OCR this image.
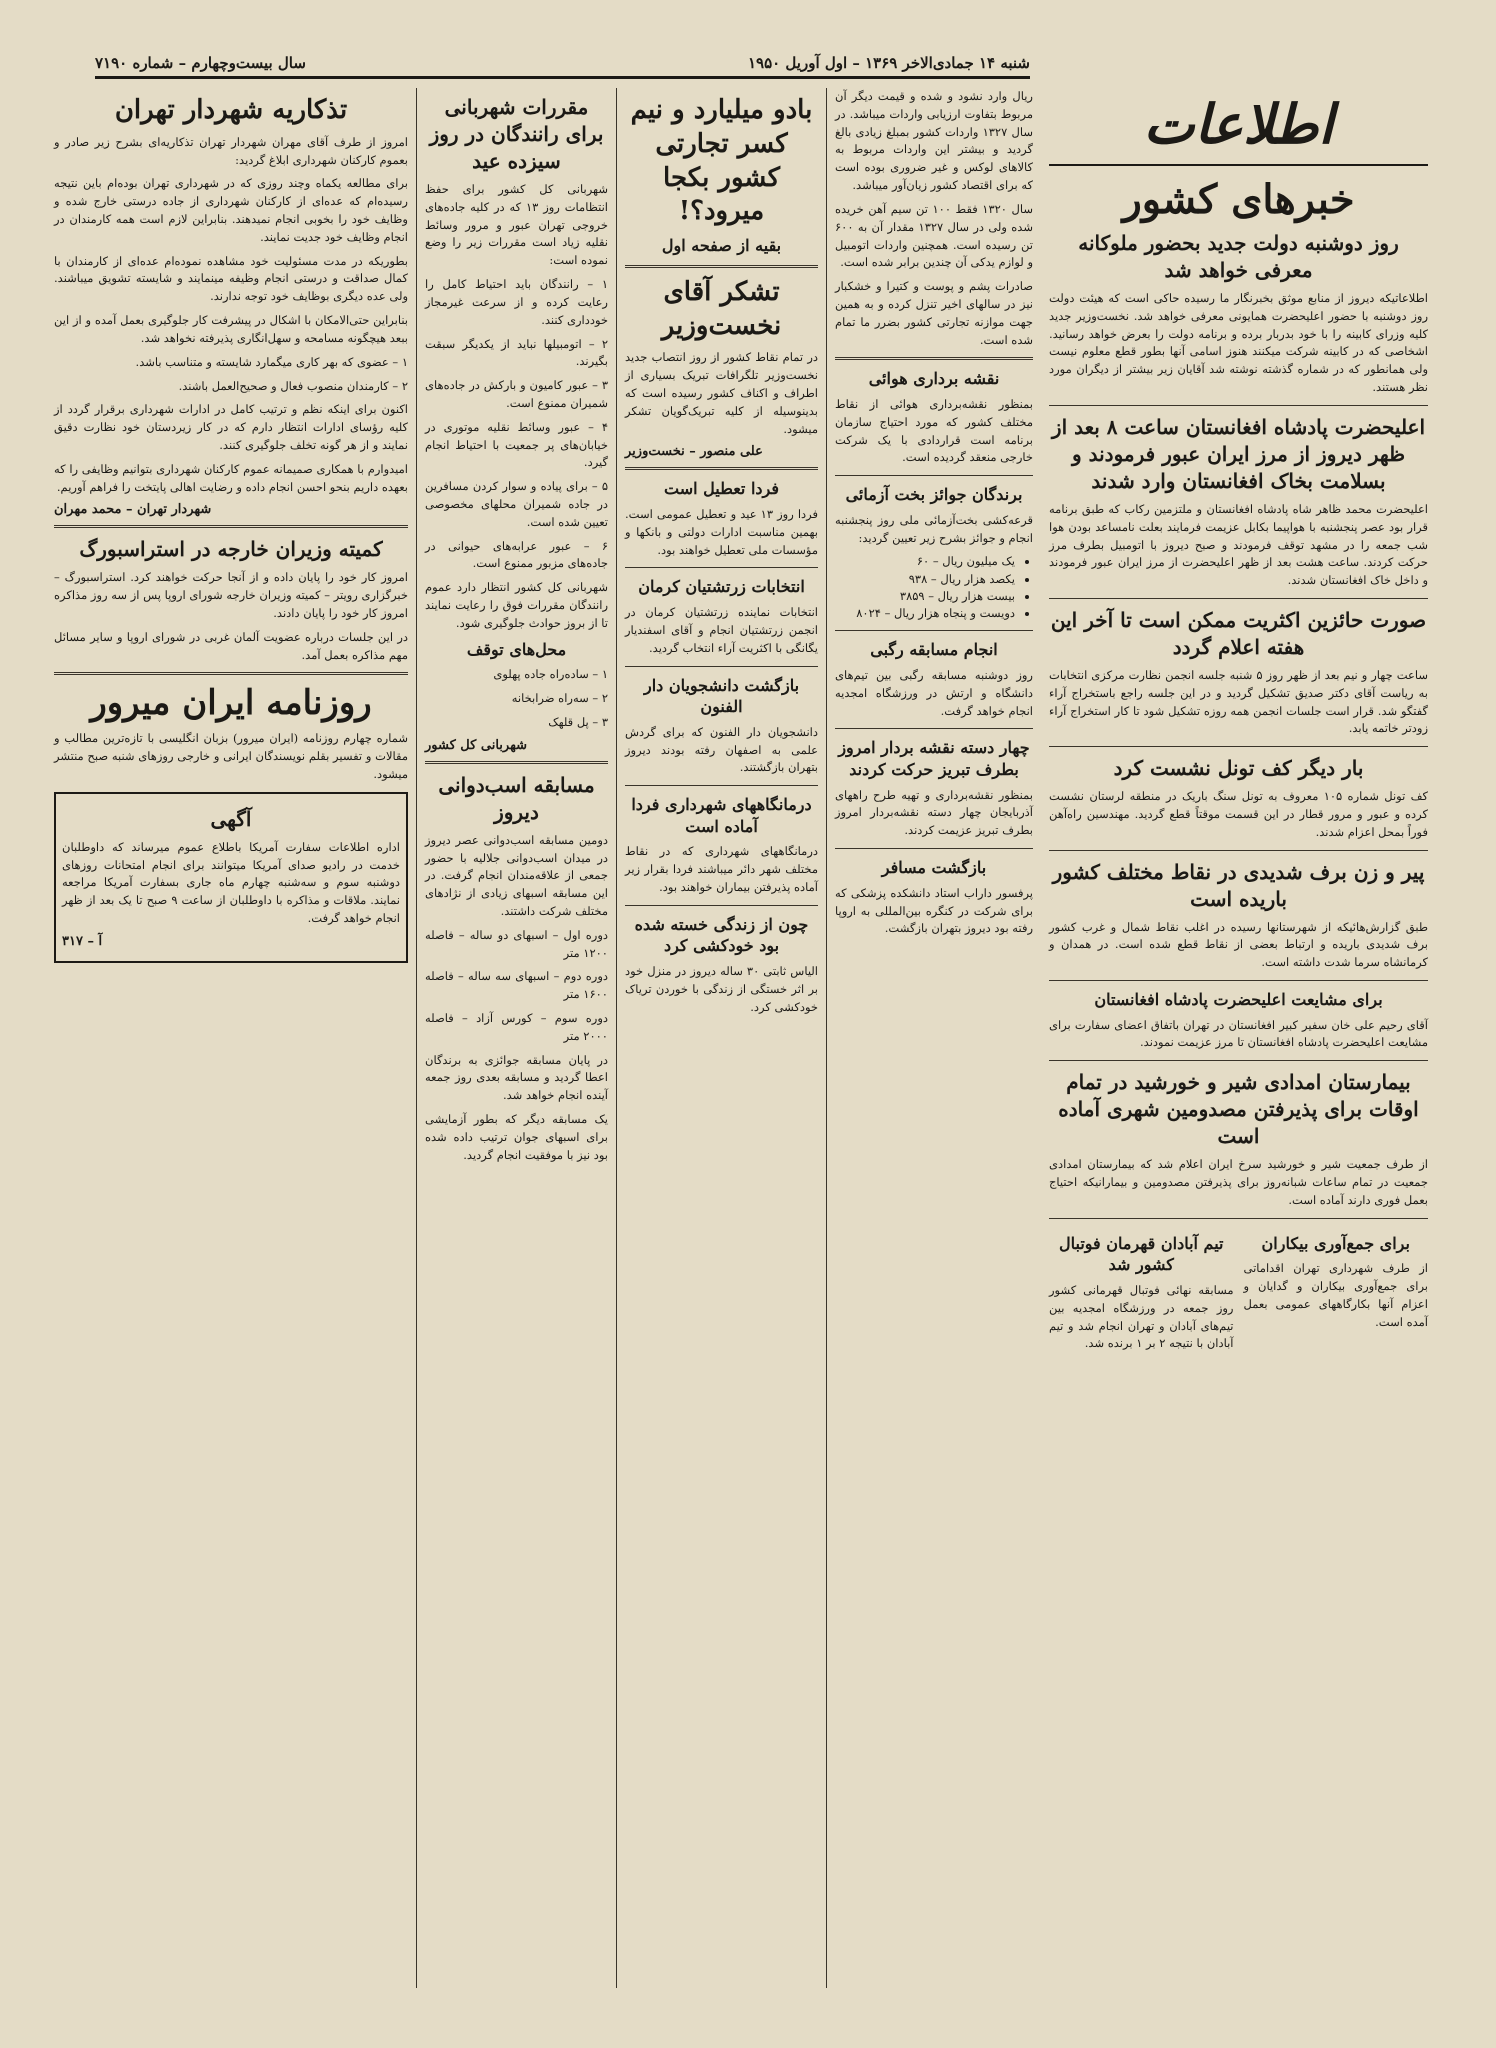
شنبه ۱۴ جمادی‌الاخر ۱۳۶۹ – اول آوریل ۱۹۵۰
سال بیست‌و‌چهارم – شماره ۷۱۹۰
اطلاعات
خبرهای کشور
روز دوشنبه دولت جدید بحضور ملوکانه معرفی خواهد شد

اطلاعاتیکه دیروز از منابع موثق بخبرنگار ما رسیده حاکی است که هیئت دولت روز دوشنبه با حضور اعلیحضرت همایونی معرفی خواهد شد. نخست‌وزیر جدید کلیه وزرای کابینه را با خود بدربار برده و برنامه دولت را بعرض خواهد رسانید. اشخاصی که در کابینه شرکت میکنند هنوز اسامی آنها بطور قطع معلوم نیست ولی همانطور که در شماره گذشته نوشته شد آقایان زیر بیشتر از دیگران مورد نظر هستند.

اعلیحضرت پادشاه افغانستان ساعت ۸ بعد از ظهر دیروز از مرز ایران عبور فرمودند و بسلامت بخاک افغانستان وارد شدند

اعلیحضرت محمد ظاهر شاه پادشاه افغانستان و ملتزمین رکاب که طبق برنامه قرار بود عصر پنجشنبه با هواپیما بکابل عزیمت فرمایند بعلت نامساعد بودن هوا شب جمعه را در مشهد توقف فرمودند و صبح دیروز با اتومبیل بطرف مرز حرکت کردند. ساعت هشت بعد از ظهر اعلیحضرت از مرز ایران عبور فرمودند و داخل خاک افغانستان شدند.

صورت حائزین اکثریت ممکن است تا آخر این هفته اعلام گردد

ساعت چهار و نیم بعد از ظهر روز ۵ شنبه جلسه انجمن نظارت مرکزی انتخابات به ریاست آقای دکتر صدیق تشکیل گردید و در این جلسه راجع باستخراج آراء گفتگو شد. قرار است جلسات انجمن همه روزه تشکیل شود تا کار استخراج آراء زودتر خاتمه یابد.

بار دیگر کف تونل نشست کرد

کف تونل شماره ۱۰۵ معروف به تونل سنگ باریک در منطقه لرستان نشست کرده و عبور و مرور قطار در این قسمت موقتاً قطع گردید. مهندسین راه‌آهن فوراً بمحل اعزام شدند.

پیر و زن برف شدیدی در نقاط مختلف کشور باریده است

طبق گزارش‌هائیکه از شهرستانها رسیده در اغلب نقاط شمال و غرب کشور برف شدیدی باریده و ارتباط بعضی از نقاط قطع شده است. در همدان و کرمانشاه سرما شدت داشته است.

برای مشایعت اعلیحضرت پادشاه افغانستان

آقای رحیم علی خان سفیر کبیر افغانستان در تهران باتفاق اعضای سفارت برای مشایعت اعلیحضرت پادشاه افغانستان تا مرز عزیمت نمودند.

بیمارستان امدادی شیر و خورشید در تمام اوقات برای پذیرفتن مصدومین شهری آماده است

از طرف جمعیت شیر و خورشید سرخ ایران اعلام شد که بیمارستان امدادی جمعیت در تمام ساعات شبانه‌روز برای پذیرفتن مصدومین و بیمارانیکه احتیاج بعمل فوری دارند آماده است.

برای جمع‌آوری بیکاران

از طرف شهرداری تهران اقداماتی برای جمع‌آوری بیکاران و گدایان و اعزام آنها بکارگاههای عمومی بعمل آمده است.

تیم آبادان قهرمان فوتبال کشور شد

مسابقه نهائی فوتبال قهرمانی کشور روز جمعه در ورزشگاه امجدیه بین تیم‌های آبادان و تهران انجام شد و تیم آبادان با نتیجه ۲ بر ۱ برنده شد.

ریال وارد نشود و شده و قیمت دیگر آن مربوط بتفاوت ارزیابی واردات میباشد. در سال ۱۳۲۷ واردات کشور بمبلغ زیادی بالغ گردید و بیشتر این واردات مربوط به کالاهای لوکس و غیر ضروری بوده است که برای اقتصاد کشور زیان‌آور میباشد.

سال ۱۳۲۰ فقط ۱۰۰ تن سیم آهن خریده شده ولی در سال ۱۳۲۷ مقدار آن به ۶۰۰ تن رسیده است. همچنین واردات اتومبیل و لوازم یدکی آن چندین برابر شده است.

صادرات پشم و پوست و کتیرا و خشکبار نیز در سالهای اخیر تنزل کرده و به همین جهت موازنه تجارتی کشور بضرر ما تمام شده است.

نقشه برداری هوائی

بمنظور نقشه‌برداری هوائی از نقاط مختلف کشور که مورد احتیاج سازمان برنامه است قراردادی با یک شرکت خارجی منعقد گردیده است.

برندگان جوائز بخت آزمائی

قرعه‌کشی بخت‌آزمائی ملی روز پنجشنبه انجام و جوائز بشرح زیر تعیین گردید:

• یک میلیون ریال – ۶۰
• یکصد هزار ریال – ۹۳۸
• بیست هزار ریال – ۳۸۵۹
• دویست و پنجاه هزار ریال – ۸۰۲۴
انجام مسابقه رگبی

روز دوشنبه مسابقه رگبی بین تیم‌های دانشگاه و ارتش در ورزشگاه امجدیه انجام خواهد گرفت.

چهار دسته نقشه بردار امروز بطرف تبریز حرکت کردند

بمنظور نقشه‌برداری و تهیه طرح راههای آذربایجان چهار دسته نقشه‌بردار امروز بطرف تبریز عزیمت کردند.

بازگشت مسافر

پرفسور داراب استاد دانشکده پزشکی که برای شرکت در کنگره بین‌المللی به اروپا رفته بود دیروز بتهران بازگشت.

بادو میلیارد و نیم کسر تجارتی کشور بکجا میرود؟!
بقیه از صفحه اول
تشکر آقای نخست‌وزیر

در تمام نقاط کشور از روز انتصاب جدید نخست‌وزیر تلگرافات تبریک بسیاری از اطراف و اکناف کشور رسیده است که بدینوسیله از کلیه تبریک‌گویان تشکر میشود.

علی منصور – نخست‌وزیر
فردا تعطیل است

فردا روز ۱۳ عید و تعطیل عمومی است. بهمین مناسبت ادارات دولتی و بانکها و مؤسسات ملی تعطیل خواهند بود.

انتخابات زرتشتیان کرمان

انتخابات نماینده زرتشتیان کرمان در انجمن زرتشتیان انجام و آقای اسفندیار یگانگی با اکثریت آراء انتخاب گردید.

بازگشت دانشجویان دار الفنون

دانشجویان دار الفنون که برای گردش علمی به اصفهان رفته بودند دیروز بتهران بازگشتند.

درمانگاههای شهرداری فردا آماده است

درمانگاههای شهرداری که در نقاط مختلف شهر دائر میباشند فردا بقرار زیر آماده پذیرفتن بیماران خواهند بود.

چون از زندگی خسته شده بود خودکشی کرد

الیاس ثابتی ۳۰ ساله دیروز در منزل خود بر اثر خستگی از زندگی با خوردن تریاک خودکشی کرد.

مقررات شهربانی برای رانندگان در روز سیزده عید

شهربانی کل کشور برای حفظ انتظامات روز ۱۳ که در کلیه جاده‌های خروجی تهران عبور و مرور وسائط نقلیه زیاد است مقررات زیر را وضع نموده است:

۱ – رانندگان باید احتیاط کامل را رعایت کرده و از سرعت غیرمجاز خودداری کنند.

۲ – اتومبیلها نباید از یکدیگر سبقت بگیرند.

۳ – عبور کامیون و بارکش در جاده‌های شمیران ممنوع است.

۴ – عبور وسائط نقلیه موتوری در خیابان‌های پر جمعیت با احتیاط انجام گیرد.

۵ – برای پیاده و سوار کردن مسافرین در جاده شمیران محلهای مخصوصی تعیین شده است.

۶ – عبور عرابه‌های حیوانی در جاده‌های مزبور ممنوع است.

شهربانی کل کشور انتظار دارد عموم رانندگان مقررات فوق را رعایت نمایند تا از بروز حوادث جلوگیری شود.

محل‌های توقف

۱ – ساده‌راه جاده پهلوی

۲ – سه‌راه ضرابخانه

۳ – پل قلهک

شهربانی کل کشور
مسابقه اسب‌دوانی دیروز

دومین مسابقه اسب‌دوانی عصر دیروز در میدان اسب‌دوانی جلالیه با حضور جمعی از علاقه‌مندان انجام گرفت. در این مسابقه اسبهای زیادی از نژادهای مختلف شرکت داشتند.

دوره اول – اسبهای دو ساله – فاصله ۱۲۰۰ متر

دوره دوم – اسبهای سه ساله – فاصله ۱۶۰۰ متر

دوره سوم – کورس آزاد – فاصله ۲۰۰۰ متر

در پایان مسابقه جوائزی به برندگان اعطا گردید و مسابقه بعدی روز جمعه آینده انجام خواهد شد.

یک مسابقه دیگر که بطور آزمایشی برای اسبهای جوان ترتیب داده شده بود نیز با موفقیت انجام گردید.

تذکاریه شهردار تهران

امروز از طرف آقای مهران شهردار تهران تذکاریه‌ای بشرح زیر صادر و بعموم کارکنان شهرداری ابلاغ گردید:

برای مطالعه یکماه وچند روزی که در شهرداری تهران بوده‌ام باین نتیجه رسیده‌ام که عده‌ای از کارکنان شهرداری از جاده درستی خارج شده و وظایف خود را بخوبی انجام نمیدهند. بنابراین لازم است همه کارمندان در انجام وظایف خود جدیت نمایند.

بطوریکه در مدت مسئولیت خود مشاهده نموده‌ام عده‌ای از کارمندان با کمال صداقت و درستی انجام وظیفه مینمایند و شایسته تشویق میباشند. ولی عده دیگری بوظایف خود توجه ندارند.

بنابراین حتی‌الامکان با اشکال در پیشرفت کار جلوگیری بعمل آمده و از این ببعد هیچگونه مسامحه و سهل‌انگاری پذیرفته نخواهد شد.

۱ – عضوی که بهر کاری میگمارد شایسته و متناسب باشد.

۲ – کارمندان منصوب فعال و صحیح‌العمل باشند.

اکنون برای اینکه نظم و ترتیب کامل در ادارات شهرداری برقرار گردد از کلیه رؤسای ادارات انتظار دارم که در کار زیردستان خود نظارت دقیق نمایند و از هر گونه تخلف جلوگیری کنند.

امیدوارم با همکاری صمیمانه عموم کارکنان شهرداری بتوانیم وظایفی را که بعهده داریم بنحو احسن انجام داده و رضایت اهالی پایتخت را فراهم آوریم.

شهردار تهران – محمد مهران
کمیته وزیران خارجه در استراسبورگ

امروز کار خود را پایان داده و از آنجا حرکت خواهند کرد. استراسبورگ – خبرگزاری رویتر – کمیته وزیران خارجه شورای اروپا پس از سه روز مذاکره امروز کار خود را پایان دادند.

در این جلسات درباره عضویت آلمان غربی در شورای اروپا و سایر مسائل مهم مذاکره بعمل آمد.

روزنامه ایران میرور

شماره چهارم روزنامه (ایران میرور) بزبان انگلیسی با تازه‌ترین مطالب و مقالات و تفسیر بقلم نویسندگان ایرانی و خارجی روزهای شنبه صبح منتشر میشود.

آگهی

اداره اطلاعات سفارت آمریکا باطلاع عموم میرساند که داوطلبان خدمت در رادیو صدای آمریکا میتوانند برای انجام امتحانات روزهای دوشنبه سوم و سه‌شنبه چهارم ماه جاری بسفارت آمریکا مراجعه نمایند. ملاقات و مذاکره با داوطلبان از ساعت ۹ صبح تا یک بعد از ظهر انجام خواهد گرفت.

آ – ۳۱۷
